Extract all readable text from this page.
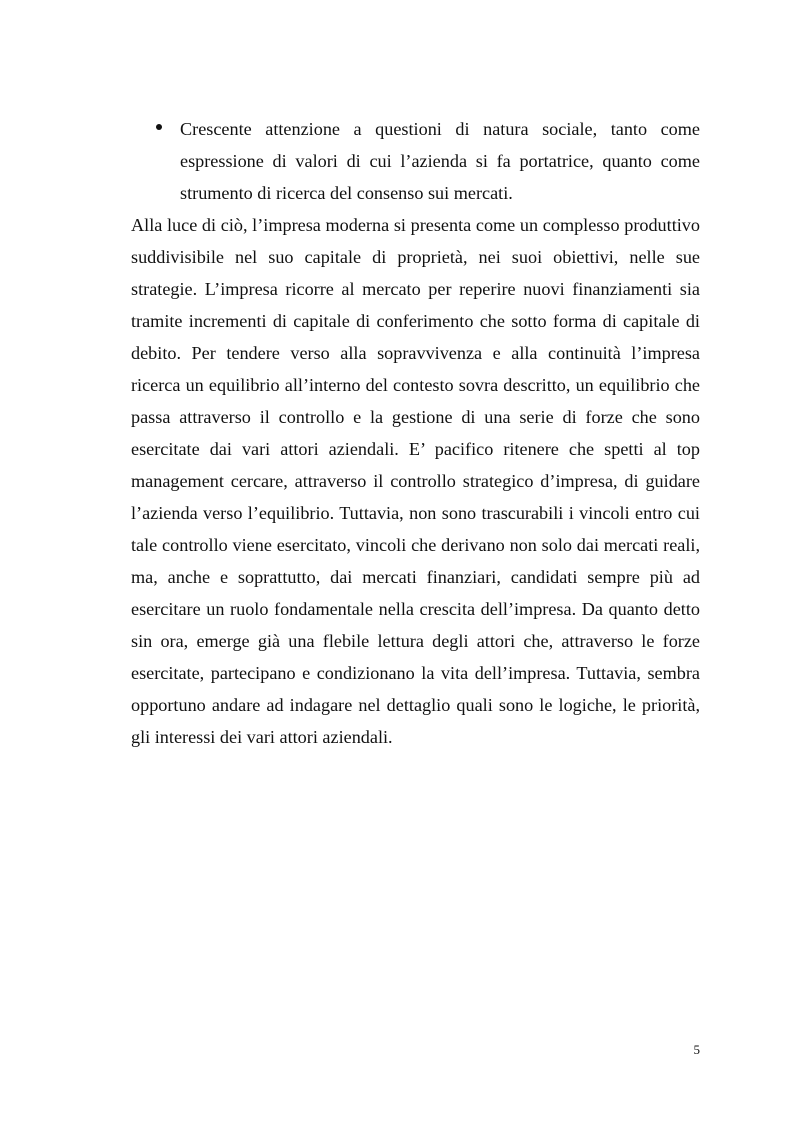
Crescente attenzione a questioni di natura sociale, tanto come espressione di valori di cui l’azienda si fa portatrice, quanto come strumento di ricerca del consenso sui mercati.

Alla luce di ciò, l’impresa moderna si presenta come un complesso produttivo suddivisibile nel suo capitale di proprietà, nei suoi obiettivi, nelle sue strategie. L’impresa ricorre al mercato per reperire nuovi finanziamenti sia tramite incrementi di capitale di conferimento che sotto forma di capitale di debito. Per tendere verso alla sopravvivenza e alla continuità l’impresa ricerca un equilibrio all’interno del contesto sovra descritto, un equilibrio che passa attraverso il controllo e la gestione di una serie di forze che sono esercitate dai vari attori aziendali. E’ pacifico ritenere che spetti al top management cercare, attraverso il controllo strategico d’impresa, di guidare l’azienda verso l’equilibrio. Tuttavia, non sono trascurabili i vincoli entro cui tale controllo viene esercitato, vincoli che derivano non solo dai mercati reali, ma, anche e soprattutto, dai mercati finanziari, candidati sempre più ad esercitare un ruolo fondamentale nella crescita dell’impresa. Da quanto detto sin ora, emerge già una flebile lettura degli attori che, attraverso le forze esercitate, partecipano e condizionano la vita dell’impresa. Tuttavia, sembra opportuno andare ad indagare nel dettaglio quali sono le logiche, le priorità, gli interessi dei vari attori aziendali.

5
